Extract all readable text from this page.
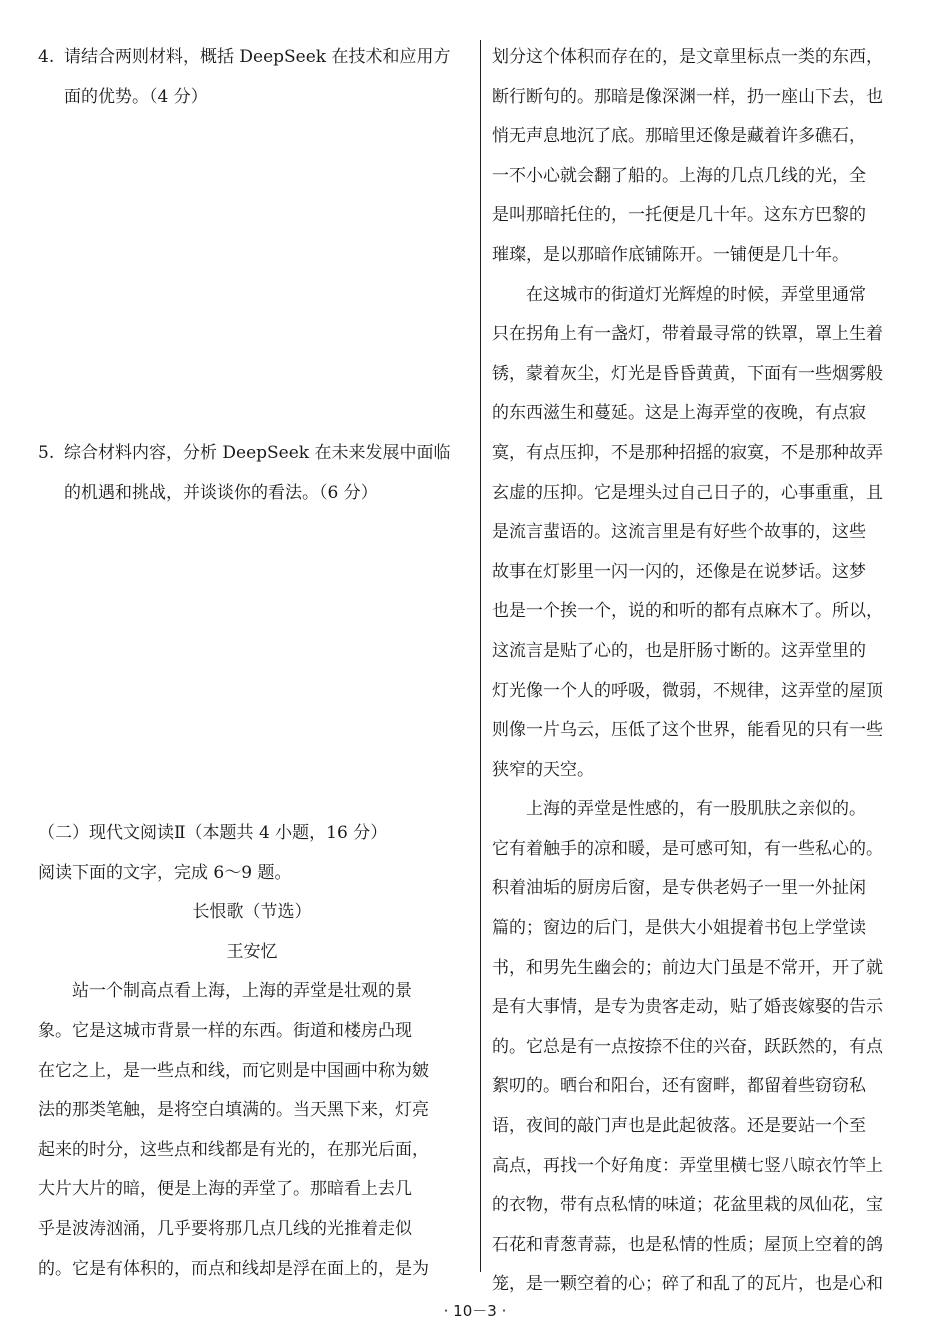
4. 请结合两则材料，概括 DeepSeek 在技术和应用方
面的优势。（4 分）
5. 综合材料内容，分析 DeepSeek 在未来发展中面临
的机遇和挑战，并谈谈你的看法。（6 分）
（二）现代文阅读Ⅱ（本题共 4 小题，16 分）
阅读下面的文字，完成 6～9 题。
长恨歌（节选）
王安忆
站一个制高点看上海，上海的弄堂是壮观的景
象。它是这城市背景一样的东西。街道和楼房凸现
在它之上，是一些点和线，而它则是中国画中称为皴
法的那类笔触，是将空白填满的。当天黑下来，灯亮
起来的时分，这些点和线都是有光的，在那光后面，
大片大片的暗，便是上海的弄堂了。那暗看上去几
乎是波涛汹涌，几乎要将那几点几线的光推着走似
的。它是有体积的，而点和线却是浮在面上的，是为
划分这个体积而存在的，是文章里标点一类的东西，
断行断句的。那暗是像深渊一样，扔一座山下去，也
悄无声息地沉了底。那暗里还像是藏着许多礁石，
一不小心就会翻了船的。上海的几点几线的光，全
是叫那暗托住的，一托便是几十年。这东方巴黎的
璀璨，是以那暗作底铺陈开。一铺便是几十年。
在这城市的街道灯光辉煌的时候，弄堂里通常
只在拐角上有一盏灯，带着最寻常的铁罩，罩上生着
锈，蒙着灰尘，灯光是昏昏黄黄，下面有一些烟雾般
的东西滋生和蔓延。这是上海弄堂的夜晚，有点寂
寞，有点压抑，不是那种招摇的寂寞，不是那种故弄
玄虚的压抑。它是埋头过自己日子的，心事重重，且
是流言蜚语的。这流言里是有好些个故事的，这些
故事在灯影里一闪一闪的，还像是在说梦话。这梦
也是一个挨一个，说的和听的都有点麻木了。所以，
这流言是贴了心的，也是肝肠寸断的。这弄堂里的
灯光像一个人的呼吸，微弱，不规律，这弄堂的屋顶
则像一片乌云，压低了这个世界，能看见的只有一些
狭窄的天空。
上海的弄堂是性感的，有一股肌肤之亲似的。
它有着触手的凉和暖，是可感可知，有一些私心的。
积着油垢的厨房后窗，是专供老妈子一里一外扯闲
篇的；窗边的后门，是供大小姐提着书包上学堂读
书，和男先生幽会的；前边大门虽是不常开，开了就
是有大事情，是专为贵客走动，贴了婚丧嫁娶的告示
的。它总是有一点按捺不住的兴奋，跃跃然的，有点
絮叨的。晒台和阳台，还有窗畔，都留着些窃窃私
语，夜间的敲门声也是此起彼落。还是要站一个至
高点，再找一个好角度：弄堂里横七竖八晾衣竹竿上
的衣物，带有点私情的味道；花盆里栽的凤仙花，宝
石花和青葱青蒜，也是私情的性质；屋顶上空着的鸽
笼，是一颗空着的心；碎了和乱了的瓦片，也是心和
· 10－3 ·
